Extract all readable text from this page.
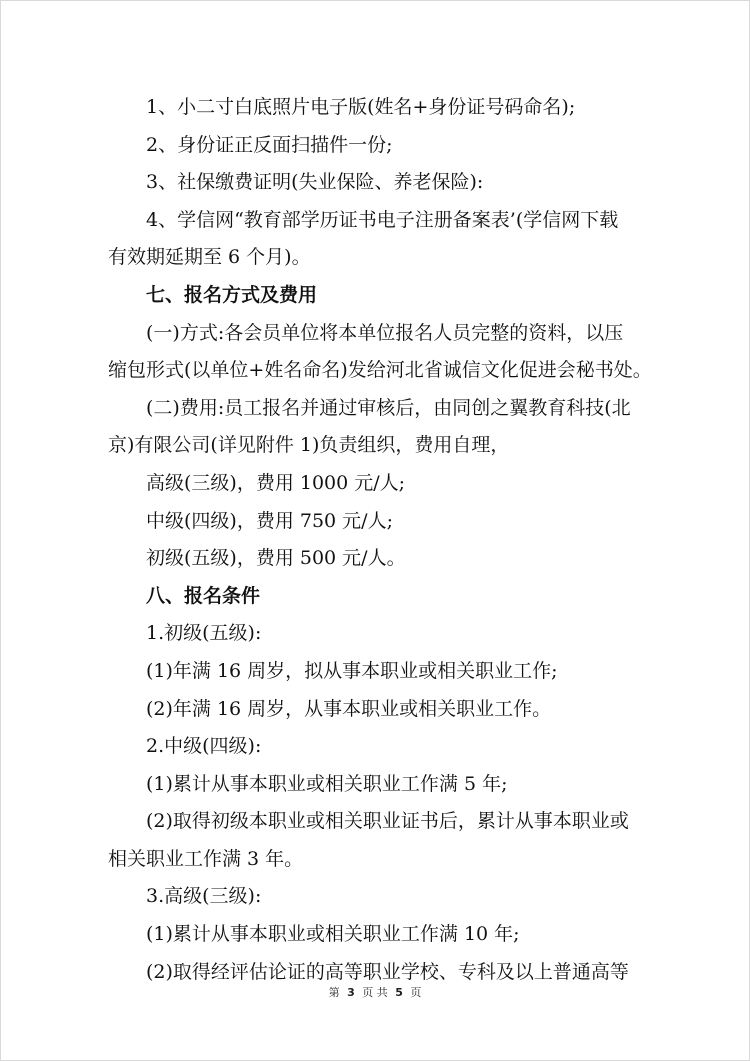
1、小二寸白底照片电子版(姓名+身份证号码命名);
2、身份证正反面扫描件一份;
3、社保缴费证明(失业保险、养老保险):
4、学信网“教育部学历证书电子注册备案表’(学信网下载
有效期延期至 6 个月)。
七、报名方式及费用
(一)方式:各会员单位将本单位报名人员完整的资料，以压
缩包形式(以单位+姓名命名)发给河北省诚信文化促进会秘书处。
(二)费用:员工报名并通过审核后，由同创之翼教育科技(北
京)有限公司(详见附件 1)负责组织，费用自理，
高级(三级)，费用 1000 元/人;
中级(四级)，费用 750 元/人;
初级(五级)，费用 500 元/人。
八、报名条件
1.初级(五级):
(1)年满 16 周岁，拟从事本职业或相关职业工作;
(2)年满 16 周岁，从事本职业或相关职业工作。
2.中级(四级):
(1)累计从事本职业或相关职业工作满 5 年;
(2)取得初级本职业或相关职业证书后，累计从事本职业或
相关职业工作满 3 年。
3.高级(三级):
(1)累计从事本职业或相关职业工作满 10 年;
(2)取得经评估论证的高等职业学校、专科及以上普通高等
第 3 页 共 5 页
